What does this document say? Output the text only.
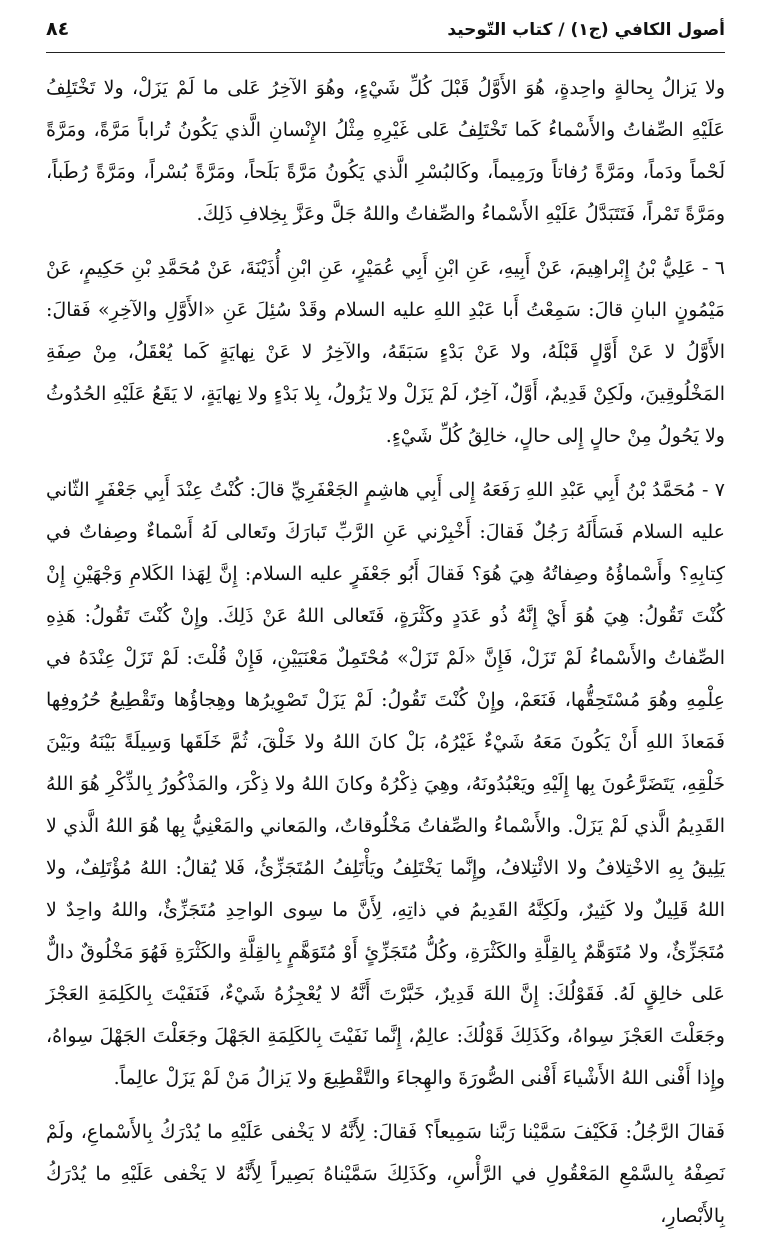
أصول الكافي (ج١) / كتاب التّوحيد
٨٤

ولا يَزالُ بِحالةٍ واحِدةٍ، هُوَ الأَوَّلُ قَبْلَ كُلِّ شَيْءٍ، وهُوَ الآخِرُ عَلى ما لَمْ يَزَلْ، ولا تَخْتَلِفُ عَلَيْهِ الصِّفاتُ والأَسْماءُ كَما تَخْتَلِفُ عَلى غَيْرِهِ مِثْلُ الإِنْسانِ الَّذي يَكُونُ تُراباً مَرَّةً، ومَرَّةً لَحْماً ودَماً، ومَرَّةً رُفاتاً ورَمِيماً، وكَالبُسْرِ الَّذي يَكُونُ مَرَّةً بَلَحاً، ومَرَّةً بُسْراً، ومَرَّةً رُطَباً، ومَرَّةً تَمْراً، فَتَتَبَدَّلُ عَلَيْهِ الأَسْماءُ والصِّفاتُ واللهُ جَلَّ وعَزَّ بِخِلافِ ذَلِكَ.

٦ - عَلِيُّ بْنُ إِبْراهِيمَ، عَنْ أَبِيهِ، عَنِ ابْنِ أَبِي عُمَيْرٍ، عَنِ ابْنِ أُذَيْنَةَ، عَنْ مُحَمَّدِ بْنِ حَكِيمٍ، عَنْ مَيْمُونٍ البانِ قالَ: سَمِعْتُ أَبا عَبْدِ اللهِ عليه السلام وقَدْ سُئِلَ عَنِ «الأَوَّلِ والآخِرِ» فَقالَ: الأَوَّلُ لا عَنْ أَوَّلٍ قَبْلَهُ، ولا عَنْ بَدْءٍ سَبَقَهُ، والآخِرُ لا عَنْ نِهايَةٍ كَما يُعْقَلُ، مِنْ صِفَةِ المَخْلُوقِينَ، ولَكِنْ قَدِيمٌ، أَوَّلٌ، آخِرٌ، لَمْ يَزَلْ ولا يَزُولُ، بِلا بَدْءٍ ولا نِهايَةٍ، لا يَقَعُ عَلَيْهِ الحُدُوثُ ولا يَحُولُ مِنْ حالٍ إِلى حالٍ، خالِقُ كُلِّ شَيْءٍ.

٧ - مُحَمَّدُ بْنُ أَبِي عَبْدِ اللهِ رَفَعَهُ إِلى أَبِي هاشِمٍ الجَعْفَرِيِّ قالَ: كُنْتُ عِنْدَ أَبِي جَعْفَرٍ الثّاني عليه السلام فَسَأَلَهُ رَجُلٌ فَقالَ: أَخْبِرْني عَنِ الرَّبِّ تَبارَكَ وتَعالى لَهُ أَسْماءٌ وصِفاتٌ في كِتابِهِ؟ وأَسْماؤُهُ وصِفاتُهُ هِيَ هُوَ؟ فَقالَ أَبُو جَعْفَرٍ عليه السلام: إِنَّ لِهَذا الكَلامِ وَجْهَيْنِ إِنْ كُنْتَ تَقُولُ: هِيَ هُوَ أَيْ إِنَّهُ ذُو عَدَدٍ وكَثْرَةٍ، فَتَعالى اللهُ عَنْ ذَلِكَ. وإِنْ كُنْتَ تَقُولُ: هَذِهِ الصِّفاتُ والأَسْماءُ لَمْ تَزَلْ، فَإِنَّ «لَمْ تَزَلْ» مُحْتَمِلٌ مَعْنَيَيْنِ، فَإِنْ قُلْتَ: لَمْ تَزَلْ عِنْدَهُ في عِلْمِهِ وهُوَ مُسْتَحِقُّها، فَنَعَمْ، وإِنْ كُنْتَ تَقُولُ: لَمْ يَزَلْ تَصْوِيرُها وهِجاؤُها وتَقْطِيعُ حُرُوفِها فَمَعاذَ اللهِ أَنْ يَكُونَ مَعَهُ شَيْءٌ غَيْرُهُ، بَلْ كانَ اللهُ ولا خَلْقَ، ثُمَّ خَلَقَها وَسِيلَةً بَيْنَهُ وبَيْنَ خَلْقِهِ، يَتَضَرَّعُونَ بِها إِلَيْهِ ويَعْبُدُونَهُ، وهِيَ ذِكْرُهُ وكانَ اللهُ ولا ذِكْرَ، والمَذْكُورُ بِالذِّكْرِ هُوَ اللهُ القَدِيمُ الَّذي لَمْ يَزَلْ. والأَسْماءُ والصِّفاتُ مَخْلُوقاتٌ، والمَعاني والمَعْنِيُّ بِها هُوَ اللهُ الَّذي لا يَلِيقُ بِهِ الاخْتِلافُ ولا الائْتِلافُ، وإِنَّما يَخْتَلِفُ ويَأْتَلِفُ المُتَجَزِّئُ، فَلا يُقالُ: اللهُ مُؤْتَلِفٌ، ولا اللهُ قَلِيلٌ ولا كَثِيرٌ، ولَكِنَّهُ القَدِيمُ في ذاتِهِ، لِأَنَّ ما سِوى الواحِدِ مُتَجَزِّئٌ، واللهُ واحِدٌ لا مُتَجَزِّئٌ، ولا مُتَوَهَّمٌ بِالقِلَّةِ والكَثْرَةِ، وكُلُّ مُتَجَزِّئٍ أَوْ مُتَوَهَّمٍ بِالقِلَّةِ والكَثْرَةِ فَهُوَ مَخْلُوقٌ دالٌّ عَلى خالِقٍ لَهُ. فَقَوْلُكَ: إِنَّ اللهَ قَدِيرٌ، خَبَّرْتَ أَنَّهُ لا يُعْجِزُهُ شَيْءٌ، فَنَفَيْتَ بِالكَلِمَةِ العَجْزَ وجَعَلْتَ العَجْزَ سِواهُ، وكَذَلِكَ قَوْلُكَ: عالِمٌ، إِنَّما نَفَيْتَ بِالكَلِمَةِ الجَهْلَ وجَعَلْتَ الجَهْلَ سِواهُ، وإِذا أَفْنى اللهُ الأَشْياءَ أَفْنى الصُّورَةَ والهِجاءَ والتَّقْطِيعَ ولا يَزالُ مَنْ لَمْ يَزَلْ عالِماً.

فَقالَ الرَّجُلُ: فَكَيْفَ سَمَّيْنا رَبَّنا سَمِيعاً؟ فَقالَ: لِأَنَّهُ لا يَخْفى عَلَيْهِ ما يُدْرَكُ بِالأَسْماعِ، ولَمْ نَصِفْهُ بِالسَّمْعِ المَعْقُولِ في الرَّأْسِ، وكَذَلِكَ سَمَّيْناهُ بَصِيراً لِأَنَّهُ لا يَخْفى عَلَيْهِ ما يُدْرَكُ بِالأَبْصارِ،
